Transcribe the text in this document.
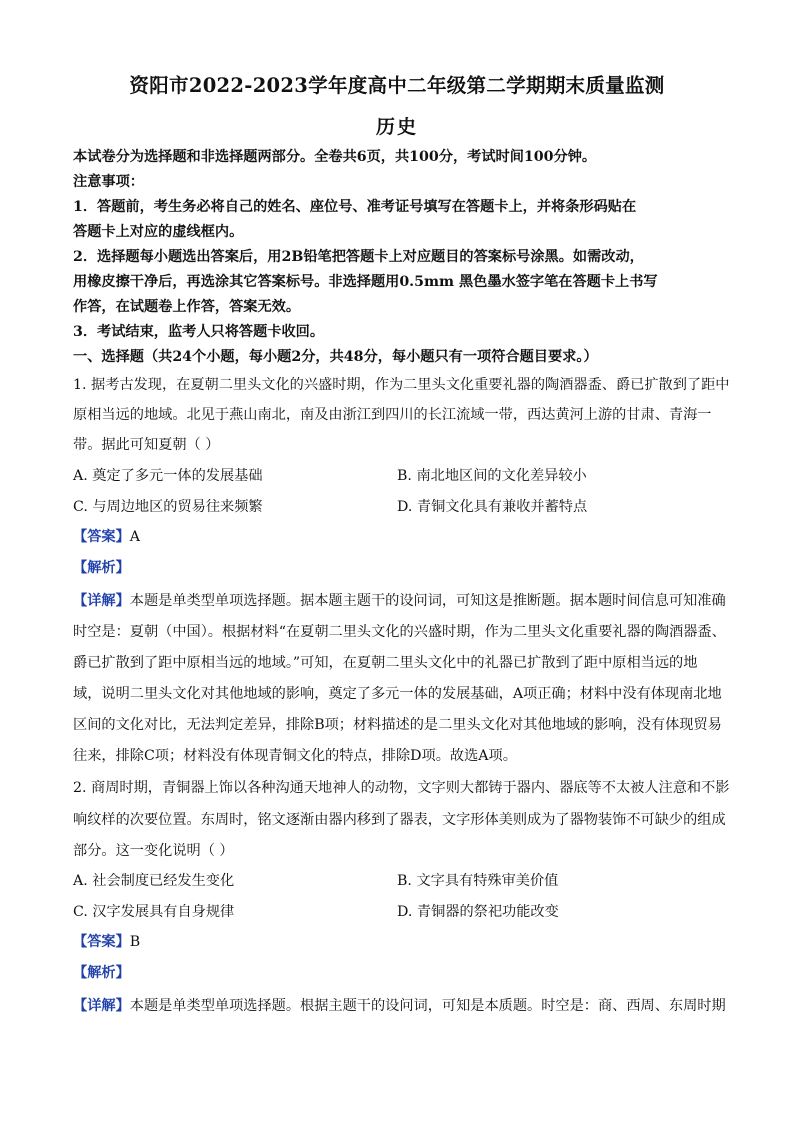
资阳市2022-2023学年度高中二年级第二学期期末质量监测
历史
本试卷分为选择题和非选择题两部分。全卷共6页，共100分，考试时间100分钟。
注意事项：
1．答题前，考生务必将自己的姓名、座位号、准考证号填写在答题卡上，并将条形码贴在
答题卡上对应的虚线框内。
2．选择题每小题选出答案后，用2B铅笔把答题卡上对应题目的答案标号涂黑。如需改动，
用橡皮擦干净后，再选涂其它答案标号。非选择题用0.5mm 黑色墨水签字笔在答题卡上书写
作答，在试题卷上作答，答案无效。
3．考试结束，监考人只将答题卡收回。
一、选择题（共24个小题，每小题2分，共48分，每小题只有一项符合题目要求。）
1. 据考古发现，在夏朝二里头文化的兴盛时期，作为二里头文化重要礼器的陶酒器盉、爵已扩散到了距中
原相当远的地域。北见于燕山南北，南及由浙江到四川的长江流域一带，西达黄河上游的甘肃、青海一
带。据此可知夏朝（ ）
A. 奠定了多元一体的发展基础	B. 南北地区间的文化差异较小
C. 与周边地区的贸易往来频繁	D. 青铜文化具有兼收并蓄特点
【答案】A
【解析】
【详解】本题是单类型单项选择题。据本题主题干的设问词，可知这是推断题。据本题时间信息可知准确
时空是：夏朝（中国）。根据材料“在夏朝二里头文化的兴盛时期，作为二里头文化重要礼器的陶酒器盉、
爵已扩散到了距中原相当远的地域。”可知，在夏朝二里头文化中的礼器已扩散到了距中原相当远的地
域，说明二里头文化对其他地域的影响，奠定了多元一体的发展基础，A项正确；材料中没有体现南北地
区间的文化对比，无法判定差异，排除B项；材料描述的是二里头文化对其他地域的影响，没有体现贸易
往来，排除C项；材料没有体现青铜文化的特点，排除D项。故选A项。
2. 商周时期，青铜器上饰以各种沟通天地神人的动物，文字则大都铸于器内、器底等不太被人注意和不影
响纹样的次要位置。东周时，铭文逐渐由器内移到了器表，文字形体美则成为了器物装饰不可缺少的组成
部分。这一变化说明（ ）
A. 社会制度已经发生变化	B. 文字具有特殊审美价值
C. 汉字发展具有自身规律	D. 青铜器的祭祀功能改变
【答案】B
【解析】
【详解】本题是单类型单项选择题。根据主题干的设问词，可知是本质题。时空是：商、西周、东周时期
